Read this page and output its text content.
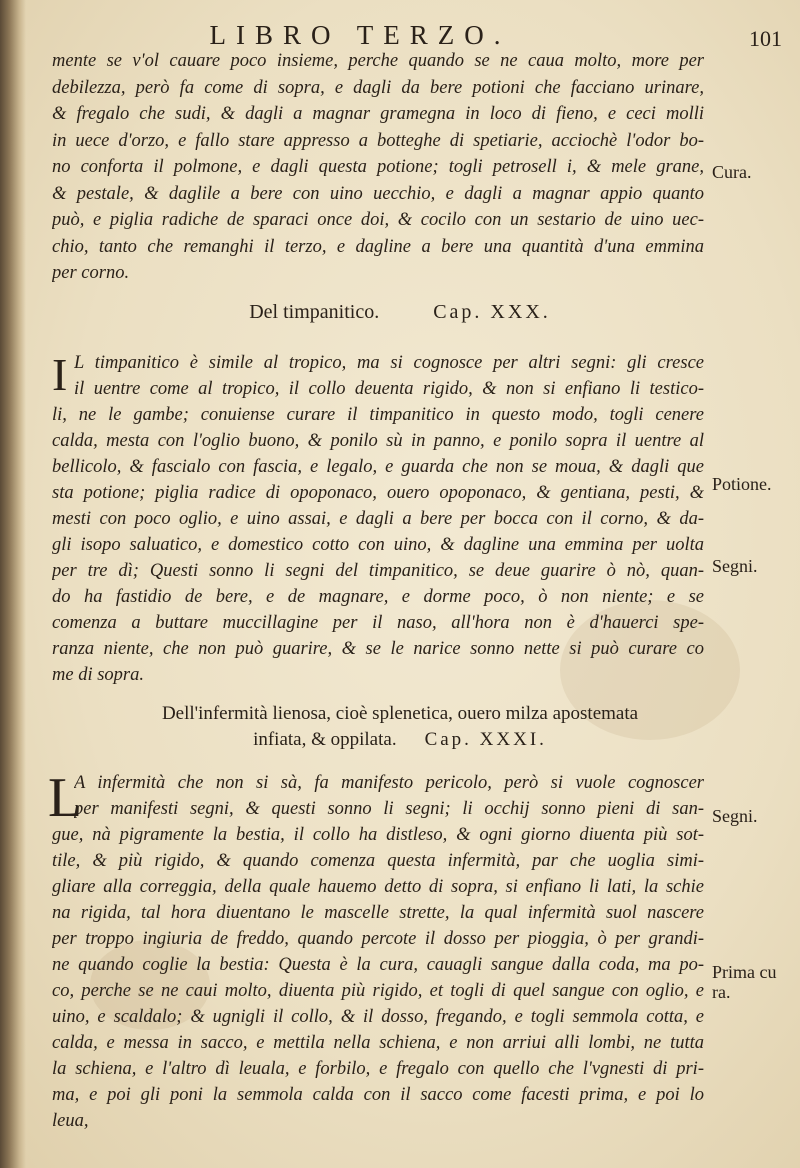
LIBRO TERZO.	101
mente se v'ol cauare poco insieme, perche quando se ne caua molto, more per
debilezza, però fa come di sopra, e dagli da bere potioni che facciano urinare,
& fregalo che sudi, & dagli a magnar gramegna in loco di fieno, e ceci molli
in uece d'orzo, e fallo stare appresso a botteghe di spetiarie, acciochè l'odor bo-
no conforta il polmone, e dagli questa potione; togli petrosell i, & mele grane,
& pestale, & daglile a bere con uino uecchio, e dagli a magnar appio quanto
può, e piglia radiche de sparaci once doi, & cocilo con un sestario de uino uec-
chio, tanto che remanghi il terzo, e dagline a bere una quantità d'una emmina
per corno.
Cura.
Del timpanitico.	Cap. XXX.
I L timpanitico è simile al tropico, ma si cognosce per altri segni: gli cresce
il uentre come al tropico, il collo deuenta rigido, & non si enfiano li testico-
li, ne le gambe; conuiense curare il timpanitico in questo modo, togli cenere
calda, mesta con l'oglio buono, & ponilo sù in panno, e ponilo sopra il uentre al
bellicolo, & fascialo con fascia, e legalo, e guarda che non se moua, & dagli que
sta potione; piglia radice di opoponaco, ouero opoponaco, & gentiana, pesti, &
mesti con poco oglio, e uino assai, e dagli a bere per bocca con il corno, & da-
gli isopo saluatico, e domestico cotto con uino, & dagline una emmina per uolta
per tre dì; Questi sonno li segni del timpanitico, se deue guarire ò nò, quan-
do ha fastidio de bere, e de magnare, e dorme poco, ò non niente; e se
comenza a buttare muccillagine per il naso, all'hora non è d'hauerci spe-
ranza niente, che non può guarire, & se le narice sonno nette si può curare co
me di sopra.
Potione.
Segni.
Dell'infermità lienosa, cioè splenetica, ouero milza apostemata
infiata, & oppilata. Cap. XXXI.
L
A infermità che non si sà, fa manifesto pericolo, però si vuole cognoscer
per manifesti segni, & questi sonno li segni; li occhij sonno pieni di san-
gue, nà pigramente la bestia, il collo ha distleso, & ogni giorno diuenta più sot-
tile, & più rigido, & quando comenza questa infermità, par che uoglia simi-
gliare alla correggia, della quale hauemo detto di sopra, si enfiano li lati, la schie
na rigida, tal hora diuentano le mascelle strette, la qual infermità suol nascere
per troppo ingiuria de freddo, quando percote il dosso per pioggia, ò per grandi-
ne quando coglie la bestia: Questa è la cura, cauagli sangue dalla coda, ma po-
co, perche se ne caui molto, diuenta più rigido, et togli di quel sangue con oglio, e
uino, e scaldalo; & ugnigli il collo, & il dosso, fregando, e togli semmola cotta, e
calda, e messa in sacco, e mettila nella schiena, e non arriui alli lombi, ne tutta
la schiena, e l'altro dì leuala, e forbilo, e fregalo con quello che l'vgnesti di pri-
ma, e poi gli poni la semmola calda con il sacco come facesti prima, e poi lo
leua,
Segni.
Prima cu
ra.
